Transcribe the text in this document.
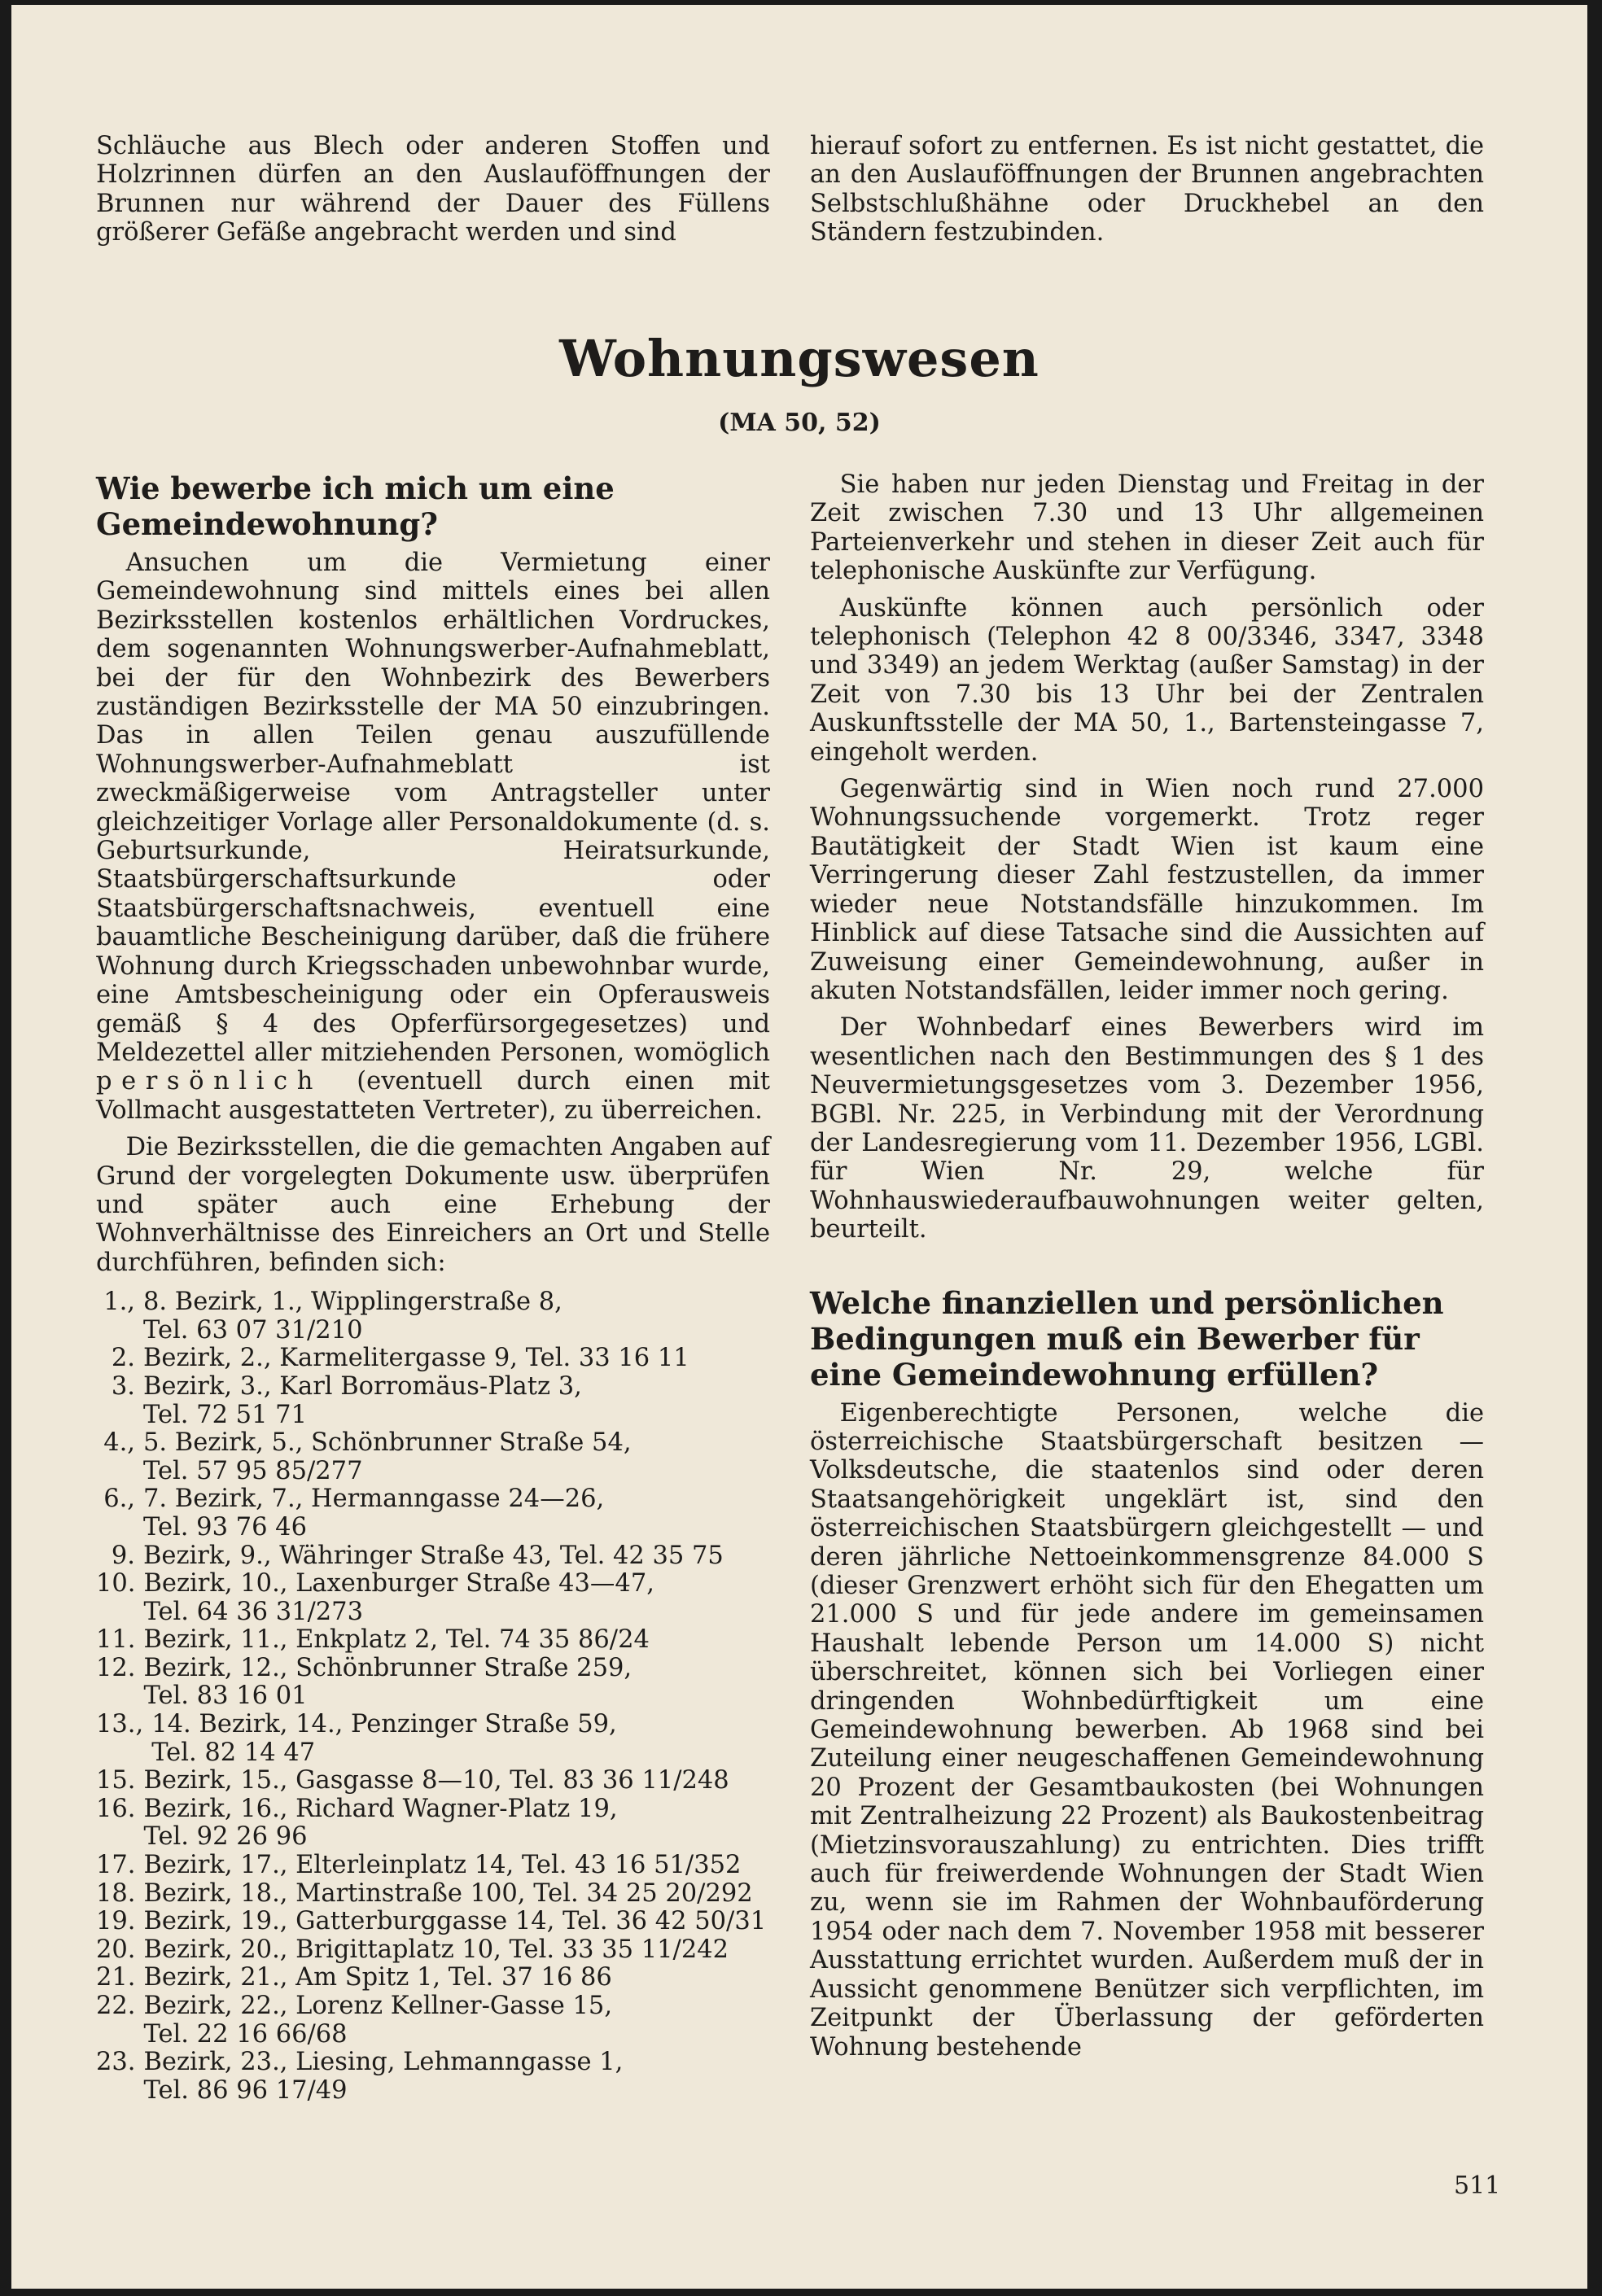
Schläuche aus Blech oder anderen Stoffen und Holzrinnen dürfen an den Auslauföffnungen der Brunnen nur während der Dauer des Füllens größerer Gefäße angebracht werden und sind

hierauf sofort zu entfernen. Es ist nicht gestattet, die an den Auslauföffnungen der Brunnen angebrachten Selbstschlußhähne oder Druckhebel an den Ständern festzubinden.

Wohnungswesen
(MA 50, 52)
Wie bewerbe ich mich um eine Gemeindewohnung?

Ansuchen um die Vermietung einer Gemeindewohnung sind mittels eines bei allen Bezirksstellen kostenlos erhältlichen Vordruckes, dem sogenannten Wohnungswerber-Aufnahmeblatt, bei der für den Wohnbezirk des Bewerbers zuständigen Bezirksstelle der MA 50 einzubringen. Das in allen Teilen genau auszufüllende Wohnungswerber-Aufnahmeblatt ist zweckmäßigerweise vom Antragsteller unter gleichzeitiger Vorlage aller Personaldokumente (d. s. Geburtsurkunde, Heiratsurkunde, Staatsbürgerschaftsurkunde oder Staatsbürgerschaftsnachweis, eventuell eine bauamtliche Bescheinigung darüber, daß die frühere Wohnung durch Kriegsschaden unbewohnbar wurde, eine Amtsbescheinigung oder ein Opferausweis gemäß § 4 des Opferfürsorgegesetzes) und Meldezettel aller mitziehenden Personen, womöglich persönlich (eventuell durch einen mit Vollmacht ausgestatteten Vertreter), zu überreichen.

Die Bezirksstellen, die die gemachten Angaben auf Grund der vorgelegten Dokumente usw. überprüfen und später auch eine Erhebung der Wohnverhältnisse des Einreichers an Ort und Stelle durchführen, befinden sich:

1., 8. Bezirk, 1., Wipplingerstraße 8,
Tel. 63 07 31/210
2. Bezirk, 2., Karmelitergasse 9, Tel. 33 16 11
3. Bezirk, 3., Karl Borromäus-Platz 3,
Tel. 72 51 71
4., 5. Bezirk, 5., Schönbrunner Straße 54,
Tel. 57 95 85/277
6., 7. Bezirk, 7., Hermanngasse 24—26,
Tel. 93 76 46
9. Bezirk, 9., Währinger Straße 43, Tel. 42 35 75
10. Bezirk, 10., Laxenburger Straße 43—47,
Tel. 64 36 31/273
11. Bezirk, 11., Enkplatz 2, Tel. 74 35 86/24
12. Bezirk, 12., Schönbrunner Straße 259,
Tel. 83 16 01
13., 14. Bezirk, 14., Penzinger Straße 59,
Tel. 82 14 47
15. Bezirk, 15., Gasgasse 8—10, Tel. 83 36 11/248
16. Bezirk, 16., Richard Wagner-Platz 19,
Tel. 92 26 96
17. Bezirk, 17., Elterleinplatz 14, Tel. 43 16 51/352
18. Bezirk, 18., Martinstraße 100, Tel. 34 25 20/292
19. Bezirk, 19., Gatterburggasse 14, Tel. 36 42 50/31
20. Bezirk, 20., Brigittaplatz 10, Tel. 33 35 11/242
21. Bezirk, 21., Am Spitz 1, Tel. 37 16 86
22. Bezirk, 22., Lorenz Kellner-Gasse 15,
Tel. 22 16 66/68
23. Bezirk, 23., Liesing, Lehmanngasse 1,
Tel. 86 96 17/49

Sie haben nur jeden Dienstag und Freitag in der Zeit zwischen 7.30 und 13 Uhr allgemeinen Parteienverkehr und stehen in dieser Zeit auch für telephonische Auskünfte zur Verfügung.

Auskünfte können auch persönlich oder telephonisch (Telephon 42 8 00/3346, 3347, 3348 und 3349) an jedem Werktag (außer Samstag) in der Zeit von 7.30 bis 13 Uhr bei der Zentralen Auskunftsstelle der MA 50, 1., Bartensteingasse 7, eingeholt werden.

Gegenwärtig sind in Wien noch rund 27.000 Wohnungssuchende vorgemerkt. Trotz reger Bautätigkeit der Stadt Wien ist kaum eine Verringerung dieser Zahl festzustellen, da immer wieder neue Notstandsfälle hinzukommen. Im Hinblick auf diese Tatsache sind die Aussichten auf Zuweisung einer Gemeindewohnung, außer in akuten Notstandsfällen, leider immer noch gering.

Der Wohnbedarf eines Bewerbers wird im wesentlichen nach den Bestimmungen des § 1 des Neuvermietungsgesetzes vom 3. Dezember 1956, BGBl. Nr. 225, in Verbindung mit der Verordnung der Landesregierung vom 11. Dezember 1956, LGBl. für Wien Nr. 29, welche für Wohnhauswiederaufbauwohnungen weiter gelten, beurteilt.

Welche finanziellen und persönlichen Bedingungen muß ein Bewerber für eine Gemeindewohnung erfüllen?

Eigenberechtigte Personen, welche die österreichische Staatsbürgerschaft besitzen — Volksdeutsche, die staatenlos sind oder deren Staatsangehörigkeit ungeklärt ist, sind den österreichischen Staatsbürgern gleichgestellt — und deren jährliche Nettoeinkommensgrenze 84.000 S (dieser Grenzwert erhöht sich für den Ehegatten um 21.000 S und für jede andere im gemeinsamen Haushalt lebende Person um 14.000 S) nicht überschreitet, können sich bei Vorliegen einer dringenden Wohnbedürftigkeit um eine Gemeindewohnung bewerben. Ab 1968 sind bei Zuteilung einer neugeschaffenen Gemeindewohnung 20 Prozent der Gesamtbaukosten (bei Wohnungen mit Zentralheizung 22 Prozent) als Baukostenbeitrag (Mietzinsvorauszahlung) zu entrichten. Dies trifft auch für freiwerdende Wohnungen der Stadt Wien zu, wenn sie im Rahmen der Wohnbauförderung 1954 oder nach dem 7. November 1958 mit besserer Ausstattung errichtet wurden. Außerdem muß der in Aussicht genommene Benützer sich verpflichten, im Zeitpunkt der Überlassung der geförderten Wohnung bestehende

511
